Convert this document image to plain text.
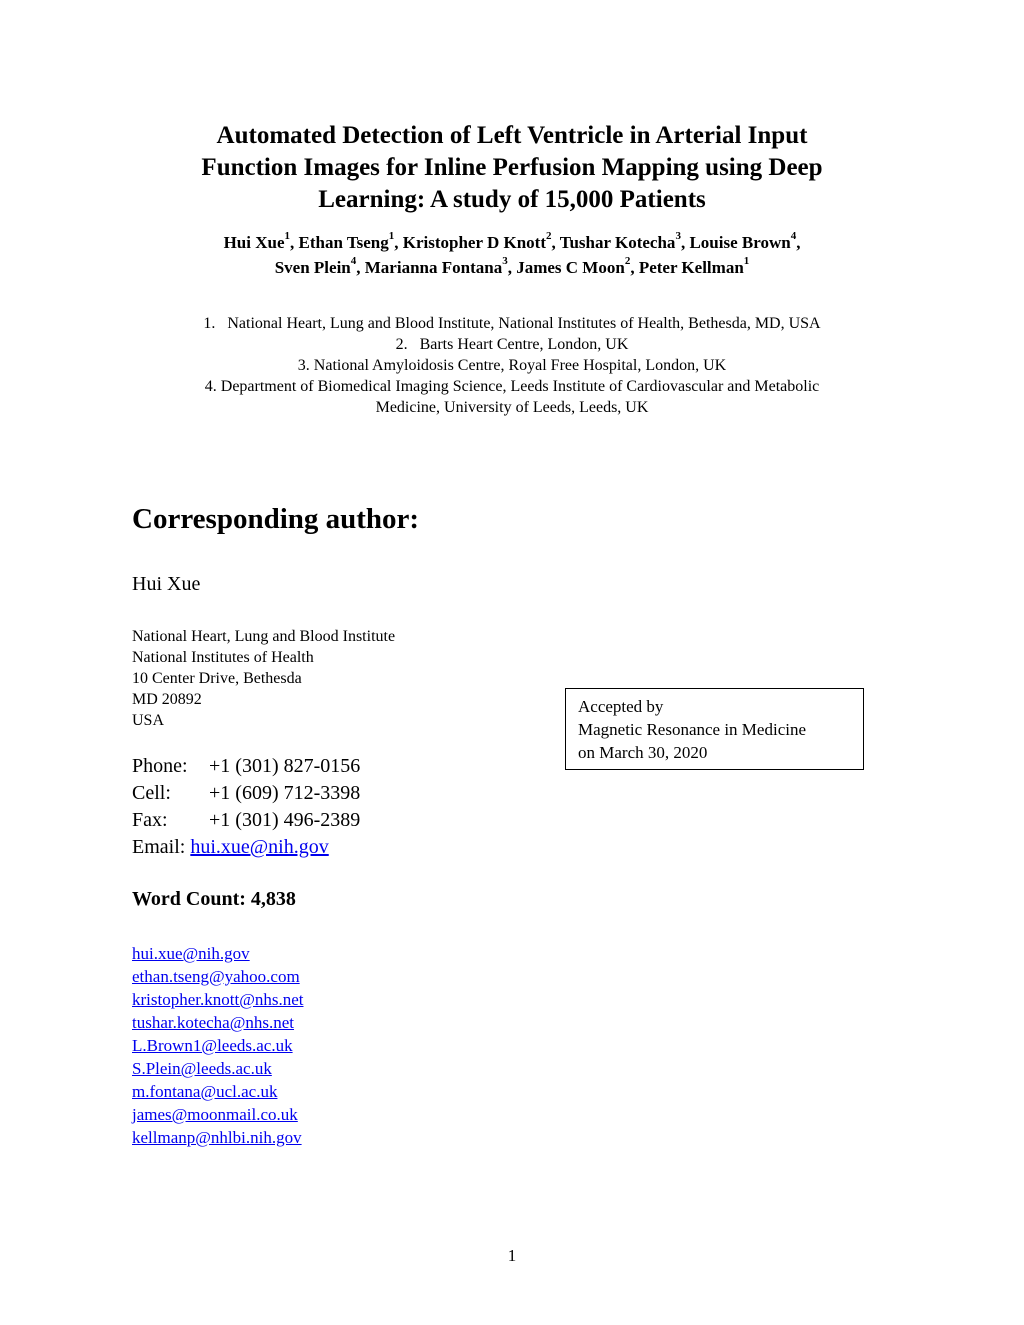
Automated Detection of Left Ventricle in Arterial Input
Function Images for Inline Perfusion Mapping using Deep
Learning: A study of 15,000 Patients
Hui Xue$^1$, Ethan Tseng$^1$, Kristopher D Knott$^2$, Tushar Kotecha$^3$, Louise Brown$^4$,
Sven Plein$^4$, Marianna Fontana$^3$, James C Moon$^2$, Peter Kellman$^1$
1.   National Heart, Lung and Blood Institute, National Institutes of Health, Bethesda, MD, USA
2.   Barts Heart Centre, London, UK
3. National Amyloidosis Centre, Royal Free Hospital, London, UK
4. Department of Biomedical Imaging Science, Leeds Institute of Cardiovascular and Metabolic
Medicine, University of Leeds, Leeds, UK
Corresponding author:
Hui Xue
National Heart, Lung and Blood Institute
National Institutes of Health
10 Center Drive, Bethesda
MD 20892
USA
Phone: +1 (301) 827-0156
Cell: +1 (609) 712-3398
Fax: +1 (301) 496-2389
Email: hui.xue@nih.gov
Accepted by
Magnetic Resonance in Medicine
on March 30, 2020
Word Count: 4,838
hui.xue@nih.gov
ethan.tseng@yahoo.com
kristopher.knott@nhs.net
tushar.kotecha@nhs.net
L.Brown1@leeds.ac.uk
S.Plein@leeds.ac.uk
m.fontana@ucl.ac.uk
james@moonmail.co.uk
kellmanp@nhlbi.nih.gov
1
